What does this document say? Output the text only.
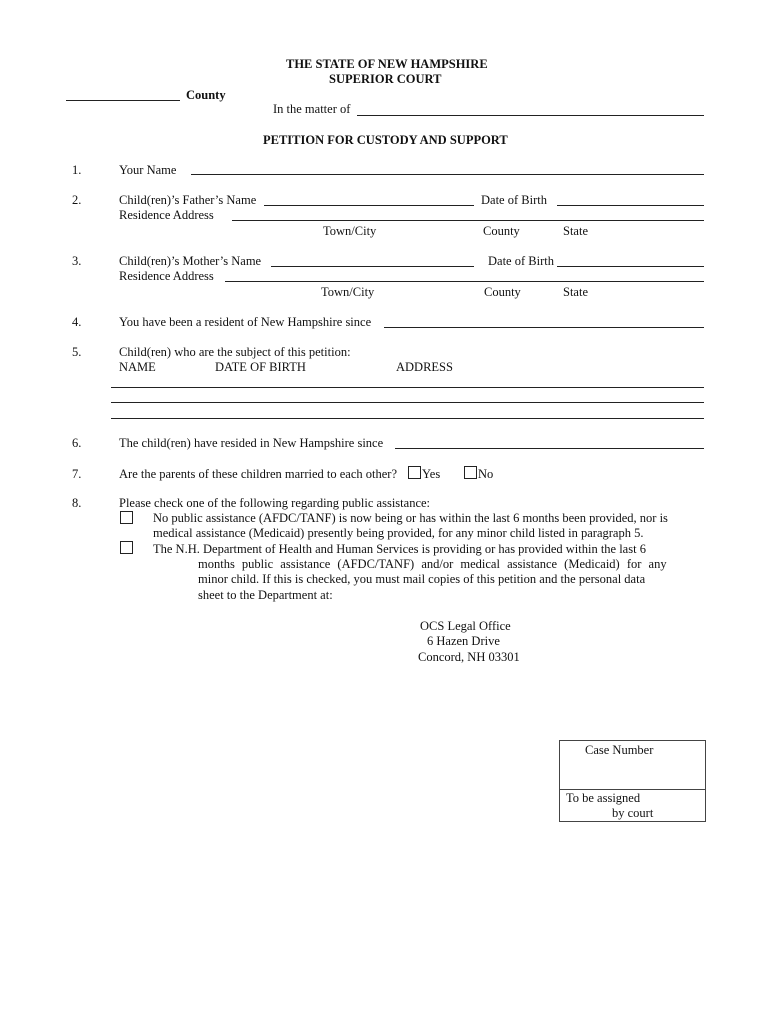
THE STATE OF NEW HAMPSHIRE
SUPERIOR COURT
County
In the matter of
PETITION FOR CUSTODY AND SUPPORT
1.	Your Name
2.	Child(ren)’s Father’s Name	Date of Birth
Residence Address
Town/City	County	State
3.	Child(ren)’s Mother’s Name	Date of Birth
Residence Address
Town/City	County	State
4.	You have been a resident of New Hampshire since
5.	Child(ren) who are the subject of this petition:
NAME	DATE OF BIRTH	ADDRESS
6.	The child(ren) have resided in New Hampshire since
7.	Are the parents of these children married to each other? Yes	No
8.	Please check one of the following regarding public assistance:
No public assistance (AFDC/TANF) is now being or has within the last 6 months been provided, nor is
medical assistance (Medicaid) presently being provided, for any minor child listed in paragraph 5.
The N.H. Department of Health and Human Services is providing or has provided within the last 6
months public assistance (AFDC/TANF) and/or medical assistance (Medicaid) for any
minor child. If this is checked, you must mail copies of this petition and the personal data
sheet to the Department at:
OCS Legal Office
6 Hazen Drive
Concord, NH 03301
Case Number
To be assigned
by court
